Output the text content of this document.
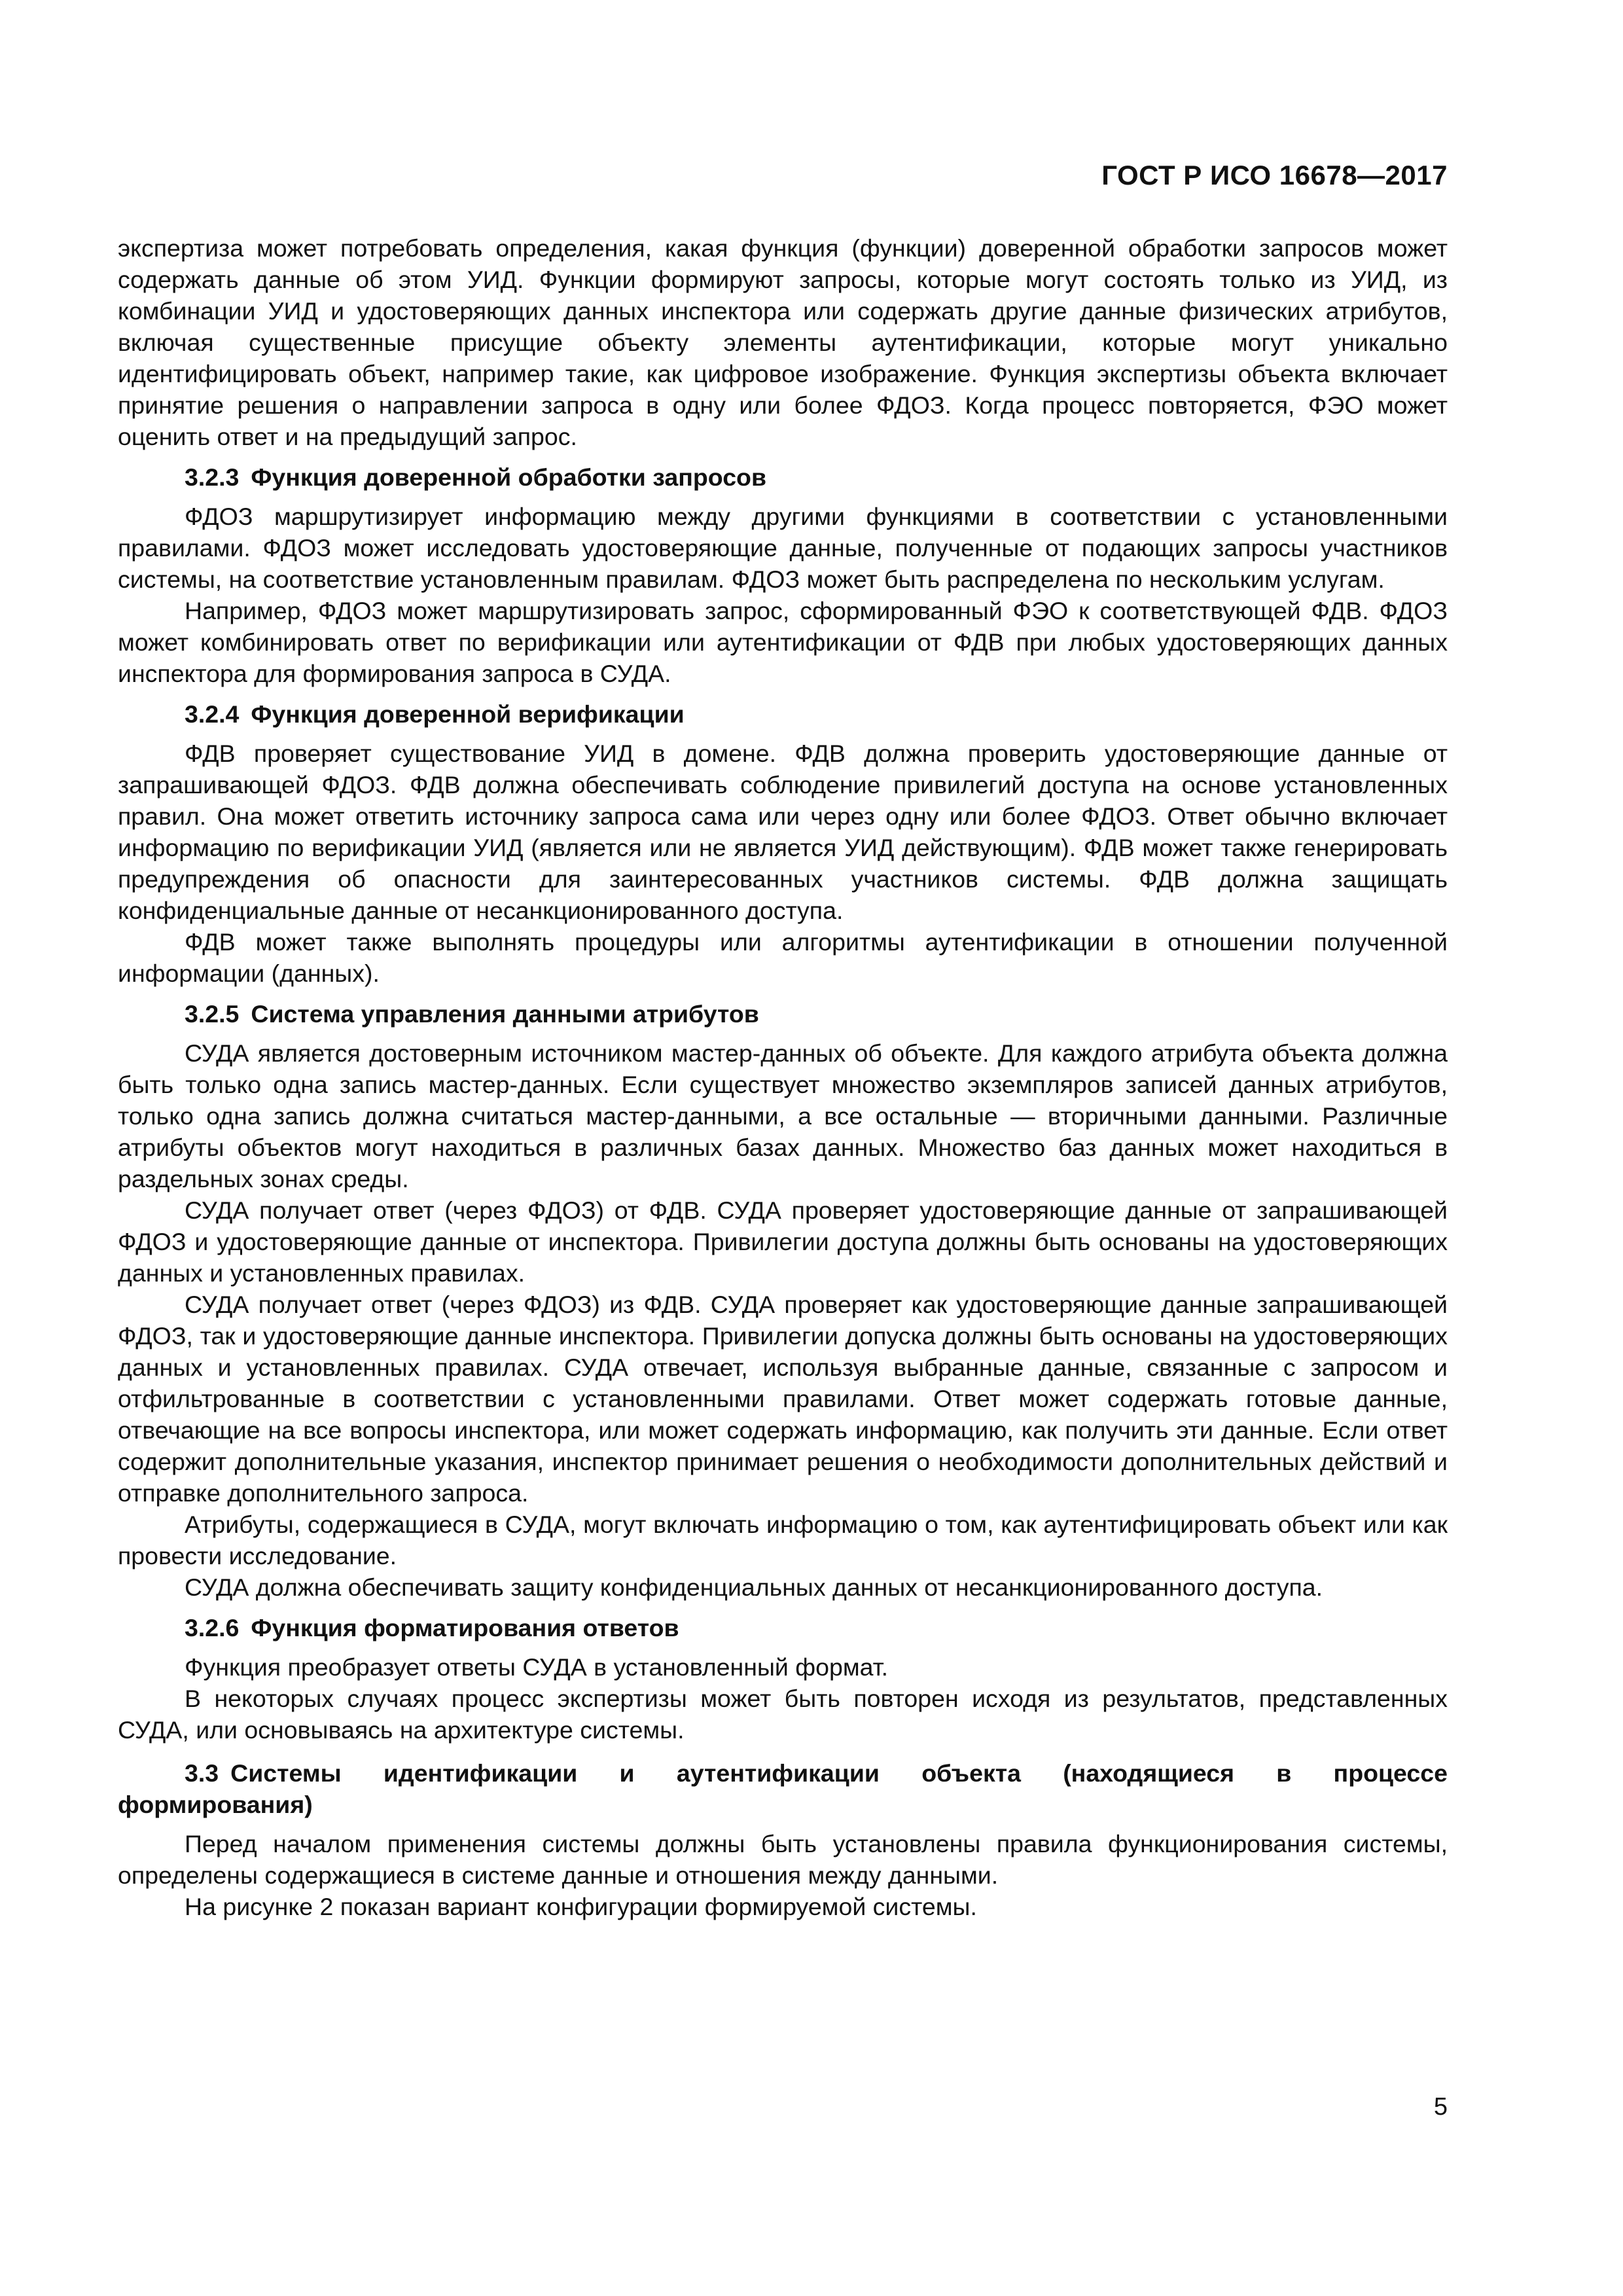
ГОСТ Р ИСО 16678—2017

экспертиза может потребовать определения, какая функция (функции) доверенной обработки запросов может содержать данные об этом УИД. Функции формируют запросы, которые могут состоять только из УИД, из комбинации УИД и удостоверяющих данных инспектора или содержать другие данные физических атрибутов, включая существенные присущие объекту элементы аутентификации, которые могут уникально идентифицировать объект, например такие, как цифровое изображение. Функция экспертизы объекта включает принятие решения о направлении запроса в одну или более ФДОЗ. Когда процесс повторяется, ФЭО может оценить ответ и на предыдущий запрос.

3.2.3 Функция доверенной обработки запросов

ФДОЗ маршрутизирует информацию между другими функциями в соответствии с установленными правилами. ФДОЗ может исследовать удостоверяющие данные, полученные от подающих запросы участников системы, на соответствие установленным правилам. ФДОЗ может быть распределена по нескольким услугам.

Например, ФДОЗ может маршрутизировать запрос, сформированный ФЭО к соответствующей ФДВ. ФДОЗ может комбинировать ответ по верификации или аутентификации от ФДВ при любых удостоверяющих данных инспектора для формирования запроса в СУДА.

3.2.4 Функция доверенной верификации

ФДВ проверяет существование УИД в домене. ФДВ должна проверить удостоверяющие данные от запрашивающей ФДОЗ. ФДВ должна обеспечивать соблюдение привилегий доступа на основе установленных правил. Она может ответить источнику запроса сама или через одну или более ФДОЗ. Ответ обычно включает информацию по верификации УИД (является или не является УИД действующим). ФДВ может также генерировать предупреждения об опасности для заинтересованных участников системы. ФДВ должна защищать конфиденциальные данные от несанкционированного доступа.

ФДВ может также выполнять процедуры или алгоритмы аутентификации в отношении полученной информации (данных).

3.2.5 Система управления данными атрибутов

СУДА является достоверным источником мастер-данных об объекте. Для каждого атрибута объекта должна быть только одна запись мастер-данных. Если существует множество экземпляров записей данных атрибутов, только одна запись должна считаться мастер-данными, а все остальные — вторичными данными. Различные атрибуты объектов могут находиться в различных базах данных. Множество баз данных может находиться в раздельных зонах среды.

СУДА получает ответ (через ФДОЗ) от ФДВ. СУДА проверяет удостоверяющие данные от запрашивающей ФДОЗ и удостоверяющие данные от инспектора. Привилегии доступа должны быть основаны на удостоверяющих данных и установленных правилах.

СУДА получает ответ (через ФДОЗ) из ФДВ. СУДА проверяет как удостоверяющие данные запрашивающей ФДОЗ, так и удостоверяющие данные инспектора. Привилегии допуска должны быть основаны на удостоверяющих данных и установленных правилах. СУДА отвечает, используя выбранные данные, связанные с запросом и отфильтрованные в соответствии с установленными правилами. Ответ может содержать готовые данные, отвечающие на все вопросы инспектора, или может содержать информацию, как получить эти данные. Если ответ содержит дополнительные указания, инспектор принимает решения о необходимости дополнительных действий и отправке дополнительного запроса.

Атрибуты, содержащиеся в СУДА, могут включать информацию о том, как аутентифицировать объект или как провести исследование.

СУДА должна обеспечивать защиту конфиденциальных данных от несанкционированного доступа.

3.2.6 Функция форматирования ответов

Функция преобразует ответы СУДА в установленный формат.

В некоторых случаях процесс экспертизы может быть повторен исходя из результатов, представленных СУДА, или основываясь на архитектуре системы.

3.3 Системы идентификации и аутентификации объекта (находящиеся в процессе формирования)

Перед началом применения системы должны быть установлены правила функционирования системы, определены содержащиеся в системе данные и отношения между данными.

На рисунке 2 показан вариант конфигурации формируемой системы.

5
